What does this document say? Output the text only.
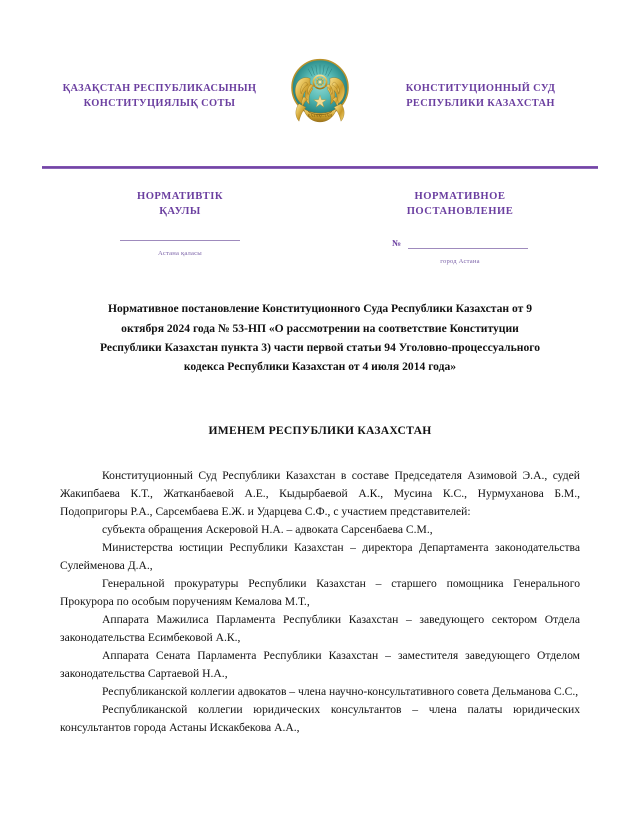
ҚАЗАҚСТАН РЕСПУБЛИКАСЫНЫҢ
КОНСТИТУЦИЯЛЫҚ СОТЫ
ҚАЗАҚСТАН
КОНСТИТУЦИОННЫЙ СУД
РЕСПУБЛИКИ КАЗАХСТАН
НОРМАТИВТІК
ҚАУЛЫ
Астана қаласы
НОРМАТИВНОЕ
ПОСТАНОВЛЕНИЕ
№
город Астана
Нормативное постановление Конституционного Суда Республики Казахстан от 9 октября 2024 года № 53-НП «О рассмотрении на соответствие Конституции Республики Казахстан пункта 3) части первой статьи 94 Уголовно-процессуального кодекса Республики Казахстан от 4 июля 2014 года»
ИМЕНЕМ РЕСПУБЛИКИ КАЗАХСТАН

Конституционный Суд Республики Казахстан в составе Председателя Азимовой Э.А., судей Жакипбаева К.Т., Жатканбаевой А.Е., Кыдырбаевой А.К., Мусина К.С., Нурмуханова Б.М., Подопригоры Р.А., Сарсембаева Е.Ж. и Ударцева С.Ф., с участием представителей:

субъекта обращения Аскеровой Н.А. – адвоката Сарсенбаева С.М.,

Министерства юстиции Республики Казахстан – директора Департамента законодательства Сулейменова Д.А.,

Генеральной прокуратуры Республики Казахстан – старшего помощника Генерального Прокурора по особым поручениям Кемалова М.Т.,

Аппарата Мажилиса Парламента Республики Казахстан – заведующего сектором Отдела законодательства Есимбековой А.К.,

Аппарата Сената Парламента Республики Казахстан – заместителя заведующего Отделом законодательства Сартаевой Н.А.,

Республиканской коллегии адвокатов – члена научно-консультативного совета Дельманова С.С.,

Республиканской коллегии юридических консультантов – члена палаты юридических консультантов города Астаны Искакбекова А.А.,
